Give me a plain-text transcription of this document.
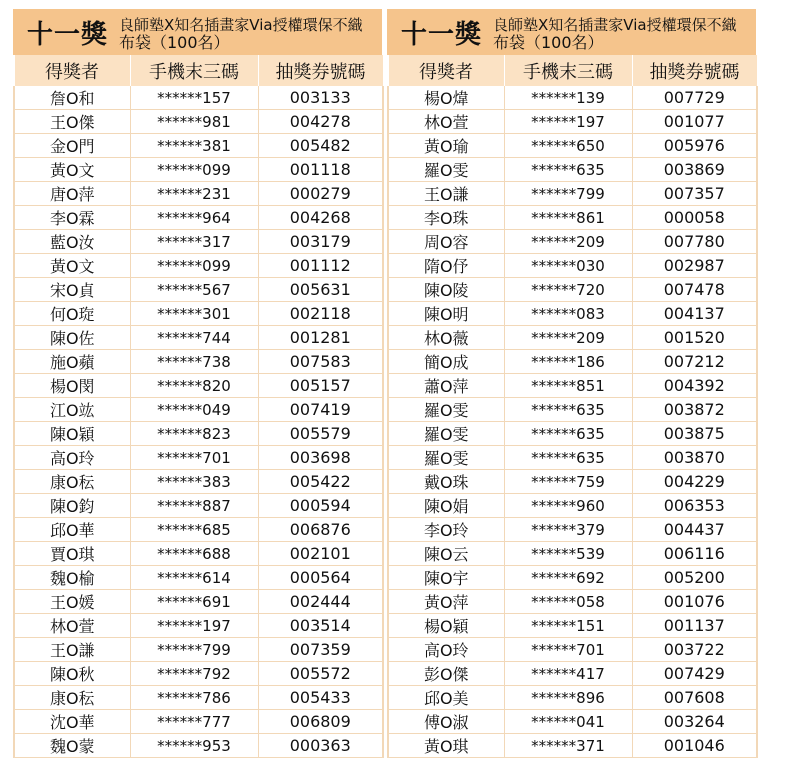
十一獎 良師塾X知名插畫家Via授權環保不織
布袋（100名）
得獎者	手機末三碼	抽獎券號碼
詹O和	******157	003133
王O傑	******981	004278
金O門	******381	005482
黃O文	******099	001118
唐O萍	******231	000279
李O霖	******964	004268
藍O汝	******317	003179
黃O文	******099	001112
宋O貞	******567	005631
何O琁	******301	002118
陳O佐	******744	001281
施O蘋	******738	007583
楊O閔	******820	005157
江O竑	******049	007419
陳O穎	******823	005579
高O玲	******701	003698
康O秐	******383	005422
陳O鈞	******887	000594
邱O華	******685	006876
賈O琪	******688	002101
魏O榆	******614	000564
王O媛	******691	002444
林O萱	******197	003514
王O謙	******799	007359
陳O秋	******792	005572
康O秐	******786	005433
沈O華	******777	006809
魏O蒙	******953	000363
十一獎 良師塾X知名插畫家Via授權環保不織
布袋（100名）
得獎者	手機末三碼	抽獎券號碼
楊O煒	******139	007729
林O萱	******197	001077
黃O瑜	******650	005976
羅O雯	******635	003869
王O謙	******799	007357
李O珠	******861	000058
周O容	******209	007780
隋O伃	******030	002987
陳O陵	******720	007478
陳O明	******083	004137
林O薇	******209	001520
簡O成	******186	007212
蕭O萍	******851	004392
羅O雯	******635	003872
羅O雯	******635	003875
羅O雯	******635	003870
戴O珠	******759	004229
陳O娟	******960	006353
李O玲	******379	004437
陳O云	******539	006116
陳O宇	******692	005200
黃O萍	******058	001076
楊O穎	******151	001137
高O玲	******701	003722
彭O傑	******417	007429
邱O美	******896	007608
傅O淑	******041	003264
黃O琪	******371	001046
